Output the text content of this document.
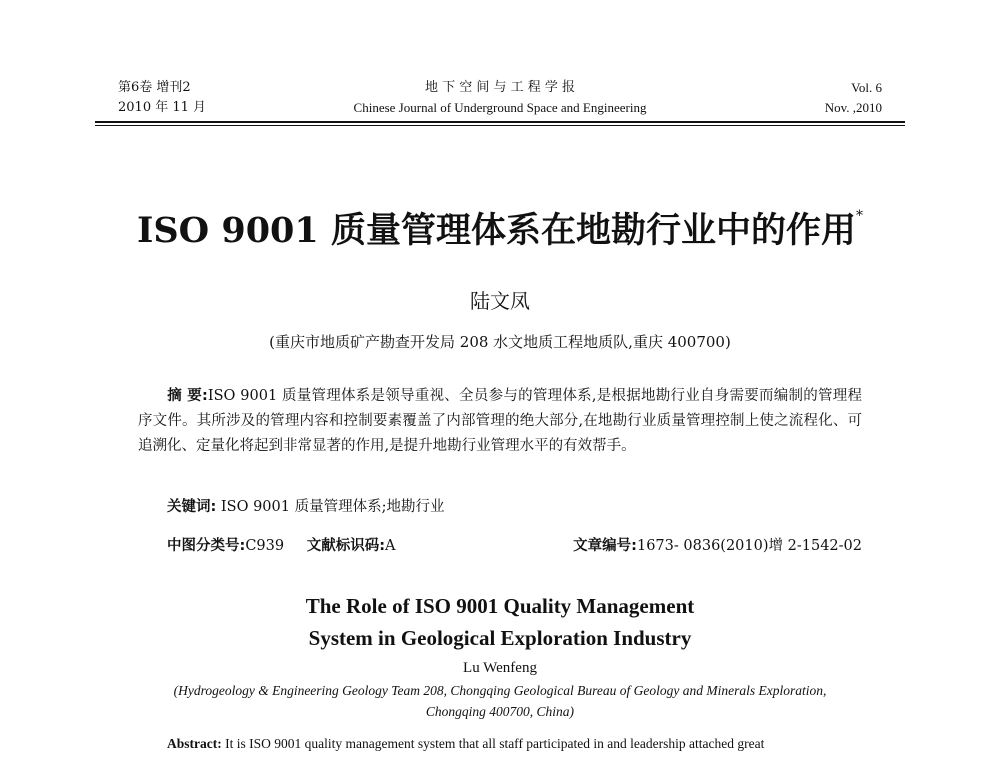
第6卷 增刊2
2010 年 11 月
地 下 空 间 与 工 程 学 报
Chinese Journal of Underground Space and Engineering
Vol. 6
Nov. ,2010
ISO 9001 质量管理体系在地勘行业中的作用*
陆文凤
(重庆市地质矿产勘查开发局 208 水文地质工程地质队,重庆 400700)
摘 要:ISO 9001 质量管理体系是领导重视、全员参与的管理体系,是根据地勘行业自身需要而编制的管理程序文件。其所涉及的管理内容和控制要素覆盖了内部管理的绝大部分,在地勘行业质量管理控制上使之流程化、可追溯化、定量化将起到非常显著的作用,是提升地勘行业管理水平的有效帮手。
关键词: ISO 9001 质量管理体系;地勘行业
中图分类号:C939 文献标识码:A	文章编号:1673- 0836(2010)增 2-1542-02
The Role of ISO 9001 Quality Management
System in Geological Exploration Industry
Lu Wenfeng
(Hydrogeology & Engineering Geology Team 208, Chongqing Geological Bureau of Geology and Minerals Exploration,
Chongqing 400700, China)
Abstract: It is ISO 9001 quality management system that all staff participated in and leadership attached great
